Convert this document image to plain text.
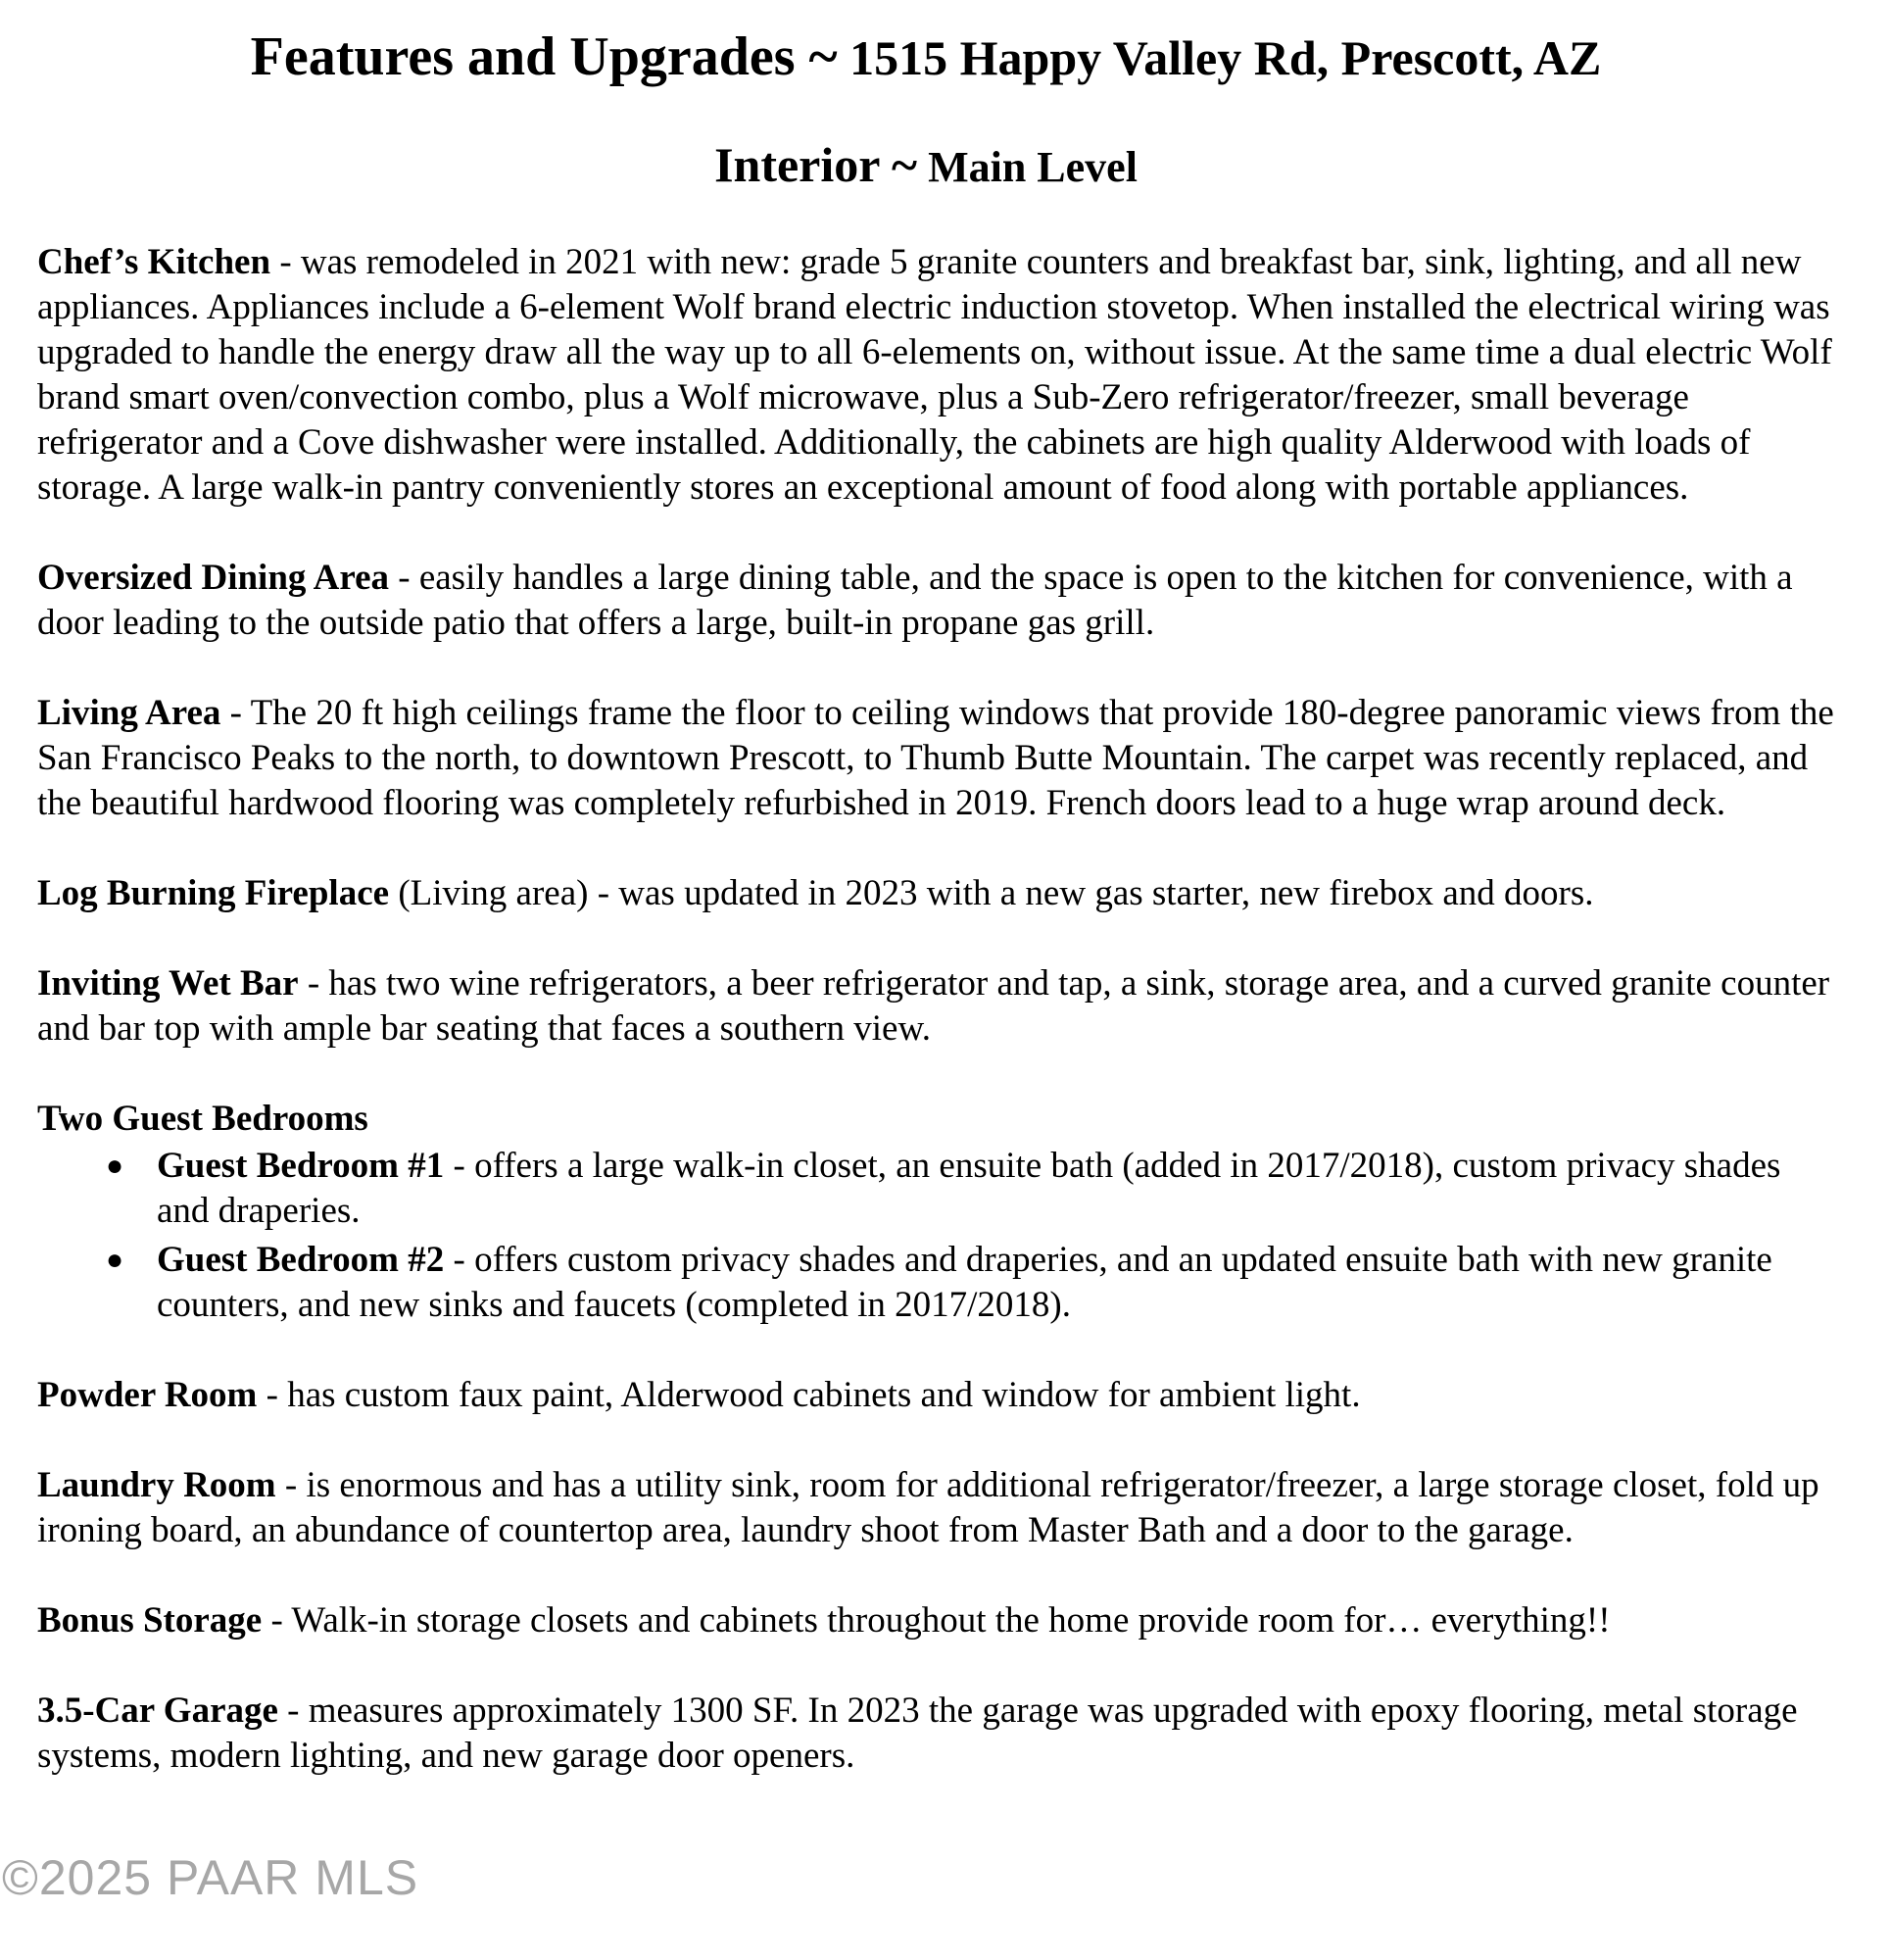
Features and Upgrades ~ 1515 Happy Valley Rd, Prescott, AZ
Interior ~ Main Level

Chef’s Kitchen - was remodeled in 2021 with new: grade 5 granite counters and breakfast bar, sink, lighting, and all new appliances. Appliances include a 6-element Wolf brand electric induction stovetop. When installed the electrical wiring was upgraded to handle the energy draw all the way up to all 6-elements on, without issue. At the same time a dual electric Wolf brand smart oven/convection combo, plus a Wolf microwave, plus a Sub-Zero refrigerator/freezer, small beverage refrigerator and a Cove dishwasher were installed. Additionally, the cabinets are high quality Alderwood with loads of storage. A large walk-in pantry conveniently stores an exceptional amount of food along with portable appliances.

Oversized Dining Area - easily handles a large dining table, and the space is open to the kitchen for convenience, with a door leading to the outside patio that offers a large, built-in propane gas grill.

Living Area - The 20 ft high ceilings frame the floor to ceiling windows that provide 180-degree panoramic views from the San Francisco Peaks to the north, to downtown Prescott, to Thumb Butte Mountain. The carpet was recently replaced, and the beautiful hardwood flooring was completely refurbished in 2019. French doors lead to a huge wrap around deck.

Log Burning Fireplace (Living area) - was updated in 2023 with a new gas starter, new firebox and doors.

Inviting Wet Bar - has two wine refrigerators, a beer refrigerator and tap, a sink, storage area, and a curved granite counter and bar top with ample bar seating that faces a southern view.

Two Guest Bedrooms

● Guest Bedroom #1 - offers a large walk-in closet, an ensuite bath (added in 2017/2018), custom privacy shades and draperies.
● Guest Bedroom #2 - offers custom privacy shades and draperies, and an updated ensuite bath with new granite counters, and new sinks and faucets (completed in 2017/2018).

Powder Room - has custom faux paint, Alderwood cabinets and window for ambient light.

Laundry Room - is enormous and has a utility sink, room for additional refrigerator/freezer, a large storage closet, fold up ironing board, an abundance of countertop area, laundry shoot from Master Bath and a door to the garage.

Bonus Storage - Walk-in storage closets and cabinets throughout the home provide room for… everything!!

3.5-Car Garage - measures approximately 1300 SF. In 2023 the garage was upgraded with epoxy flooring, metal storage systems, modern lighting, and new garage door openers.

©2025 PAAR MLS
